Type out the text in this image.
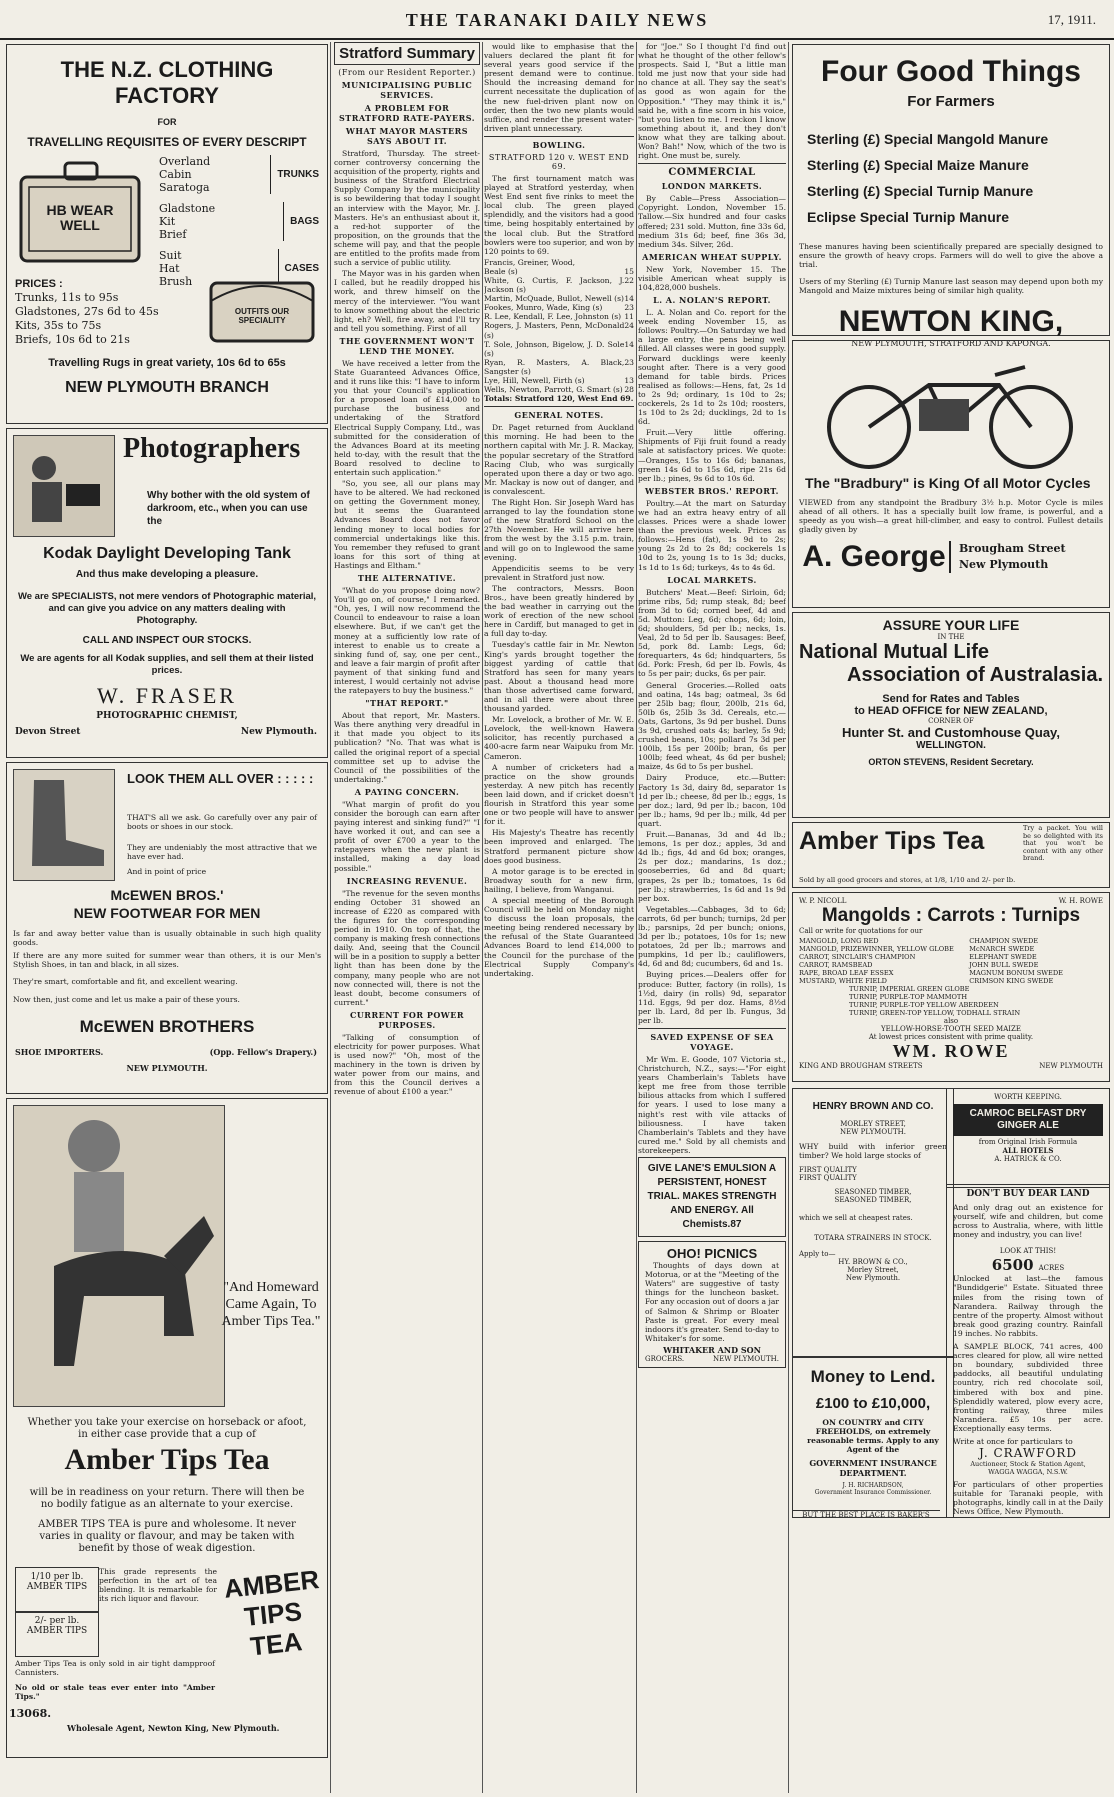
THE TARANAKI DAILY NEWS	17, 1911.
THE N.Z. CLOTHING FACTORY
FOR
TRAVELLING REQUISITES OF EVERY DESCRIPT
HB WEAR WELL
Overland
Cabin
Saratoga
TRUNKS
Gladstone
Kit
Brief
BAGS
Suit
Hat
Brush
CASES
PRICES :
Trunks, 11s to 95s
Gladstones, 27s 6d to 45s
Kits, 35s to 75s
Briefs, 10s 6d to 21s
OUTFITS OUR SPECIALITY
Travelling Rugs in great variety, 10s 6d to 65s
NEW PLYMOUTH BRANCH
Photographers
Why bother with the old system of darkroom, etc., when you can use the
Kodak Daylight Developing Tank
And thus make developing a pleasure.
We are SPECIALISTS, not mere vendors of Photographic material, and can give you advice on any matters dealing with Photography.
CALL AND INSPECT OUR STOCKS.
We are agents for all Kodak supplies, and sell them at their listed prices.
W. FRASER
PHOTOGRAPHIC CHEMIST,
Devon Street	New Plymouth.
LOOK THEM ALL OVER : : : : :
THAT'S all we ask. Go carefully over any pair of boots or shoes in our stock.
They are undeniably the most attractive that we have ever had.
And in point of price
McEWEN BROS.'
NEW FOOTWEAR FOR MEN
Is far and away better value than is usually obtainable in such high quality goods.
If there are any more suited for summer wear than others, it is our Men's Stylish Shoes, in tan and black, in all sizes.
They're smart, comfortable and fit, and excellent wearing.
Now then, just come and let us make a pair of these yours.
McEWEN BROTHERS
SHOE IMPORTERS.	(Opp. Fellow's Drapery.)
NEW PLYMOUTH.
"And Homeward Came Again, To Amber Tips Tea."
Whether you take your exercise on horseback or afoot, in either case provide that a cup of
Amber Tips Tea
will be in readiness on your return. There will then be no bodily fatigue as an alternate to your exercise.
AMBER TIPS TEA is pure and wholesome. It never varies in quality or flavour, and may be taken with benefit by those of weak digestion.
1/10 per lb. AMBER TIPS
2/- per lb. AMBER TIPS
This grade represents the perfection in the art of tea blending. It is remarkable for its rich liquor and flavour.
Amber Tips Tea is only sold in air tight dampproof Cannisters.
No old or stale teas ever enter into "Amber Tips."
AMBER TIPS TEA
13068.
Wholesale Agent, Newton King, New Plymouth.
Stratford Summary
(From our Resident Reporter.)
MUNICIPALISING PUBLIC SERVICES.
A PROBLEM FOR STRATFORD RATE-PAYERS.
WHAT MAYOR MASTERS SAYS ABOUT IT.

Stratford, Thursday. The street-corner controversy concerning the acquisition of the property, rights and business of the Stratford Electrical Supply Company by the municipality is so bewildering that today I sought an interview with the Mayor, Mr. J. Masters. He's an enthusiast about it, a red-hot supporter of the proposition, on the grounds that the scheme will pay, and that the people are entitled to the profits made from such a service of public utility.

The Mayor was in his garden when I called, but he readily dropped his work, and threw himself on the mercy of the interviewer. "You want to know something about the electric light, eh? Well, fire away, and I'll try and tell you something. First of all

THE GOVERNMENT WON'T LEND THE MONEY.

We have received a letter from the State Guaranteed Advances Office, and it runs like this: "I have to inform you that your Council's application for a proposed loan of £14,000 to purchase the business and undertaking of the Stratford Electrical Supply Company, Ltd., was submitted for the consideration of the Advances Board at its meeting held to-day, with the result that the Board resolved to decline to entertain such application."

"So, you see, all our plans may have to be altered. We had reckoned on getting the Government money, but it seems the Guaranteed Advances Board does not favor lending money to local bodies for commercial undertakings like this. You remember they refused to grant loans for this sort of thing at Hastings and Eltham."

THE ALTERNATIVE.

"What do you propose doing now? You'll go on, of course," I remarked. "Oh, yes, I will now recommend the Council to endeavour to raise a loan elsewhere. But, if we can't get the money at a sufficiently low rate of interest to enable us to create a sinking fund of, say, one per cent., and leave a fair margin of profit after payment of that sinking fund and interest, I would certainly not advise the ratepayers to buy the business."

"THAT REPORT."

About that report, Mr. Masters. Was there anything very dreadful in it that made you object to its publication? "No. That was what is called the original report of a special committee set up to advise the Council of the possibilities of the undertaking."

A PAYING CONCERN.

"What margin of profit do you consider the borough can earn after paying interest and sinking fund?" "I have worked it out, and can see a profit of over £700 a year to the ratepayers when the new plant is installed, making a day load possible."

INCREASING REVENUE.

"The revenue for the seven months ending October 31 showed an increase of £220 as compared with the figures for the corresponding period in 1910. On top of that, the company is making fresh connections daily. And, seeing that the Council will be in a position to supply a better light than has been done by the company, many people who are not now connected will, there is not the least doubt, become consumers of current."

CURRENT FOR POWER PURPOSES.

"Talking of consumption of electricity for power purposes. What is used now?" "Oh, most of the machinery in the town is driven by water power from our mains, and from this the Council derives a revenue of about £100 a year."

would like to emphasise that the valuers declared the plant fit for several years good service if the present demand were to continue. Should the increasing demand for current necessitate the duplication of the new fuel-driven plant now on order, then the two new plants would suffice, and render the present water-driven plant unnecessary.

BOWLING.
STRATFORD 120 v. WEST END 69.

The first tournament match was played at Stratford yesterday, when West End sent five rinks to meet the local club. The green played splendidly, and the visitors had a good time, being hospitably entertained by the local club. But the Stratford bowlers were too superior, and won by 120 points to 69.

Francis, Greiner, Wood,
Beale (s)	15
White, G. Curtis, F. Jackson, J. Jackson (s)
22
Martin, McQuade, Bullot, Newell (s) 14
Fookes, Munro, Wade, King (s)	23
R. Lee, Kendall, F. Lee, Johnston (s) 11
Rogers, J. Masters, Penn, McDonald (s)
24
T. Sole, Johnson, Bigelow, J. D. Sole (s)
14
Ryan, R. Masters, A. Black, Sangster (s)
23
Lye, Hill, Newell, Firth (s)	13
Wells, Newton, Parrott, G. Smart (s) 28
Totals: Stratford 120, West End 69.
GENERAL NOTES.

Dr. Paget returned from Auckland this morning. He had been to the northern capital with Mr. J. R. Mackay, the popular secretary of the Stratford Racing Club, who was surgically operated upon there a day or two ago. Mr. Mackay is now out of danger, and is convalescent.

The Right Hon. Sir Joseph Ward has arranged to lay the foundation stone of the new Stratford School on the 27th November. He will arrive here from the west by the 3.15 p.m. train, and will go on to Inglewood the same evening.

Appendicitis seems to be very prevalent in Stratford just now.

The contractors, Messrs. Boon Bros., have been greatly hindered by the bad weather in carrying out the work of erection of the new school here in Cardiff, but managed to get in a full day to-day.

Tuesday's cattle fair in Mr. Newton King's yards brought together the biggest yarding of cattle that Stratford has seen for many years past. About a thousand head more than those advertised came forward, and in all there were about three thousand yarded.

Mr. Lovelock, a brother of Mr. W. E. Lovelock, the well-known Hawera solicitor, has recently purchased a 400-acre farm near Waipuku from Mr. Cameron.

A number of cricketers had a practice on the show grounds yesterday. A new pitch has recently been laid down, and if cricket doesn't flourish in Stratford this year some one or two people will have to answer for it.

His Majesty's Theatre has recently been improved and enlarged. The Stratford permanent picture show does good business.

A motor garage is to be erected in Broadway south for a new firm, hailing, I believe, from Wanganui.

A special meeting of the Borough Council will be held on Monday night to discuss the loan proposals, the meeting being rendered necessary by the refusal of the State Guaranteed Advances Board to lend £14,000 to the Council for the purchase of the Electrical Supply Company's undertaking.

for "Joe." So I thought I'd find out what he thought of the other fellow's prospects. Said I, "But a little man told me just now that your side had no chance at all. They say the seat's as good as won again for the Opposition." "They may think it is," said he, with a fine scorn in his voice, "but you listen to me. I reckon I know something about it, and they don't know what they are talking about. Won? Bah!" Now, which of the two is right. One must be, surely.

COMMERCIAL
LONDON MARKETS.

By Cable—Press Association—Copyright. London, November 15. Tallow.—Six hundred and four casks offered; 231 sold. Mutton, fine 33s 6d, medium 31s 6d; beef, fine 36s 3d, medium 34s. Silver, 26d.

AMERICAN WHEAT SUPPLY.

New York, November 15. The visible American wheat supply is 104,828,000 bushels.

L. A. NOLAN'S REPORT.

L. A. Nolan and Co. report for the week ending November 15, as follows: Poultry.—On Saturday we had a large entry, the pens being well filled. All classes were in good supply. Forward ducklings were keenly sought after. There is a very good demand for table birds. Prices realised as follows:—Hens, fat, 2s 1d to 2s 9d; ordinary, 1s 10d to 2s; cockerels, 2s 1d to 2s 10d; roosters, 1s 10d to 2s 2d; ducklings, 2d to 1s 6d.

Fruit.—Very little offering. Shipments of Fiji fruit found a ready sale at satisfactory prices. We quote:—Oranges, 15s to 16s 6d; bananas, green 14s 6d to 15s 6d, ripe 21s 6d per lb.; pines, 9s 6d to 10s 6d.

WEBSTER BROS.' REPORT.

Poultry.—At the mart on Saturday we had an extra heavy entry of all classes. Prices were a shade lower than the previous week. Prices as follows:—Hens (fat), 1s 9d to 2s; young 2s 2d to 2s 8d; cockerels 1s 10d to 2s, young 1s to 1s 3d; ducks, 1s 1d to 1s 6d; turkeys, 4s to 4s 6d.

LOCAL MARKETS.

Butchers' Meat.—Beef: Sirloin, 6d; prime ribs, 5d; rump steak, 8d; beef from 3d to 6d; corned beef, 4d and 5d. Mutton: Leg, 6d; chops, 6d; loin, 6d; shoulders, 5d per lb.; necks, 1s. Veal, 2d to 5d per lb. Sausages: Beef, 5d, pork 8d. Lamb: Legs, 6d; forequarters, 4s 6d; hindquarters, 5s 6d. Pork: Fresh, 6d per lb. Fowls, 4s to 5s per pair; ducks, 6s per pair.

General Groceries.—Rolled oats and oatina, 14s bag; oatmeal, 3s 6d per 25lb bag; flour, 200lb, 21s 6d, 50lb 6s, 25lb 3s 3d. Cereals, etc.—Oats, Gartons, 3s 9d per bushel. Duns 3s 9d, crushed oats 4s; barley, 5s 9d; crushed beans, 10s; pollard 7s 3d per 100lb, 15s per 200lb; bran, 6s per 100lb; feed wheat, 4s 6d per bushel; maize, 4s 6d to 5s per bushel.

Dairy Produce, etc.—Butter: Factory 1s 3d, dairy 8d, separator 1s 1d per lb.; cheese, 8d per lb.; eggs, 1s per doz.; lard, 9d per lb.; bacon, 10d per lb.; hams, 9d per lb.; milk, 4d per quart.

Fruit.—Bananas, 3d and 4d lb.; lemons, 1s per doz.; apples, 3d and 4d lb.; figs, 4d and 6d box; oranges, 2s per doz.; mandarins, 1s doz.; gooseberries, 6d and 8d quart; grapes, 2s per lb.; tomatoes, 1s 6d per lb.; strawberries, 1s 6d and 1s 9d per box.

Vegetables.—Cabbages, 3d to 6d; carrots, 6d per bunch; turnips, 2d per lb.; parsnips, 2d per bunch; onions, 3d per lb.; potatoes, 10s for 1s; new potatoes, 2d per lb.; marrows and pumpkins, 1d per lb.; cauliflowers, 4d, 6d and 8d; cucumbers, 6d and 1s.

Buying prices.—Dealers offer for produce: Butter, factory (in rolls), 1s 1½d, dairy (in rolls) 9d, separator 11d. Eggs, 9d per doz. Hams, 8½d per lb. Lard, 8d per lb. Fungus, 3d per lb.

SAVED EXPENSE OF SEA VOYAGE.

Mr Wm. E. Goode, 107 Victoria st., Christchurch, N.Z., says:—"For eight years Chamberlain's Tablets have kept me free from those terrible bilious attacks from which I suffered for years. I used to lose many a night's rest with vile attacks of biliousness. I have taken Chamberlain's Tablets and they have cured me." Sold by all chemists and storekeepers.

GIVE LANE'S EMULSION A PERSISTENT, HONEST TRIAL. MAKES STRENGTH AND ENERGY. All Chemists.87
OHO! PICNICS

Thoughts of days down at Motorua, or at the "Meeting of the Waters" are suggestive of tasty things for the luncheon basket. For any occasion out of doors a jar of Salmon & Shrimp or Bloater Paste is great. For every meal indoors it's greater. Send to-day to Whitaker's for some.

WHITAKER AND SON
GROCERS.	NEW PLYMOUTH.
Four Good Things
For Farmers
Sterling (£) Special Mangold Manure
Sterling (£) Special Maize Manure
Sterling (£) Special Turnip Manure
Eclipse Special Turnip Manure
These manures having been scientifically prepared are specially designed to ensure the growth of heavy crops. Farmers will do well to give the above a trial.
Users of my Sterling (£) Turnip Manure last season may depend upon both my Mangold and Maize mixtures being of similar high quality.
NEWTON KING,
NEW PLYMOUTH, STRATFORD AND KAPONGA.
The "Bradbury" is King Of all Motor Cycles
VIEWED from any standpoint the Bradbury 3½ h.p. Motor Cycle is miles ahead of all others. It has a specially built low frame, is powerful, and a speedy as you wish—a great hill-climber, and easy to control. Fullest details gladly given by
A. George	Brougham Street
New Plymouth
ASSURE YOUR LIFE
IN THE
National Mutual Life
Association of Australasia.
Send for Rates and Tables
to HEAD OFFICE for NEW ZEALAND,
CORNER OF
Hunter St. and Customhouse Quay,
WELLINGTON.
ORTON STEVENS, Resident Secretary.
Amber Tips Tea	Try a packet. You will be so delighted with its that you won't be content with any other brand.
Sold by all good grocers and stores, at 1/8, 1/10 and 2/- per lb.
W. P. NICOLL	W. H. ROWE
Mangolds : Carrots : Turnips
Call or write for quotations for our
MANGOLD, LONG RED
MANGOLD, PRIZEWINNER, YELLOW GLOBE
CARROT, SINCLAIR'S CHAMPION
CARROT, RAMSBEAD
RAPE, BROAD LEAF ESSEX
MUSTARD, WHITE FIELD
CHAMPION SWEDE
McNARCH SWEDE
ELEPHANT SWEDE
JOHN BULL SWEDE
MAGNUM BONUM SWEDE
CRIMSON KING SWEDE
TURNIP, IMPERIAL GREEN GLOBE
TURNIP, PURPLE-TOP MAMMOTH
TURNIP, PURPLE-TOP YELLOW ABERDEEN
TURNIP, GREEN-TOP YELLOW, TODHALL STRAIN
also
YELLOW-HORSE-TOOTH SEED MAIZE
At lowest prices consistent with prime quality.
WM. ROWE
KING AND BROUGHAM STREETS	NEW PLYMOUTH
HENRY BROWN AND CO.
MORLEY STREET,
NEW PLYMOUTH.
WHY build with inferior green timber? We hold large stocks of
FIRST QUALITY
FIRST QUALITY
SEASONED TIMBER,
SEASONED TIMBER,
which we sell at cheapest rates.
TOTARA STRAINERS IN STOCK.
Apply to—
HY. BROWN & CO.,
Morley Street,
New Plymouth.
Money to Lend.
£100 to £10,000,
ON COUNTRY and CITY FREEHOLDS, on extremely reasonable terms. Apply to any Agent of the
GOVERNMENT INSURANCE
DEPARTMENT.
J. H. RICHARDSON,
Government Insurance Commissioner.
WORTH KEEPING.
CAMROC BELFAST DRY GINGER ALE
from Original Irish Formula
ALL HOTELS
A. HATRICK & CO.
DON'T BUY DEAR LAND
And only drag out an existence for yourself, wife and children, but come across to Australia, where, with little money and industry, you can live!
LOOK AT THIS!
6500 ACRES
Unlocked at last—the famous "Bundidgerie" Estate. Situated three miles from the rising town of Narandera. Railway through the centre of the property. Almost without break good grazing country. Rainfall 19 inches. No rabbits.
A SAMPLE BLOCK, 741 acres, 400 acres cleared for plow, all wire netted on boundary, subdivided three paddocks, all beautiful undulating country, rich red chocolate soil, timbered with box and pine. Splendidly watered, plow every acre, fronting railway, three miles Narandera. £5 10s per acre. Exceptionally easy terms.
Write at once for particulars to
J. CRAWFORD
Auctioneer, Stock & Station Agent,
WAGGA WAGGA, N.S.W.
For particulars of other properties suitable for Taranaki people, with photographs, kindly call in at the Daily News Office, New Plymouth.
BUT THE BEST PLACE IS BAKER'S
